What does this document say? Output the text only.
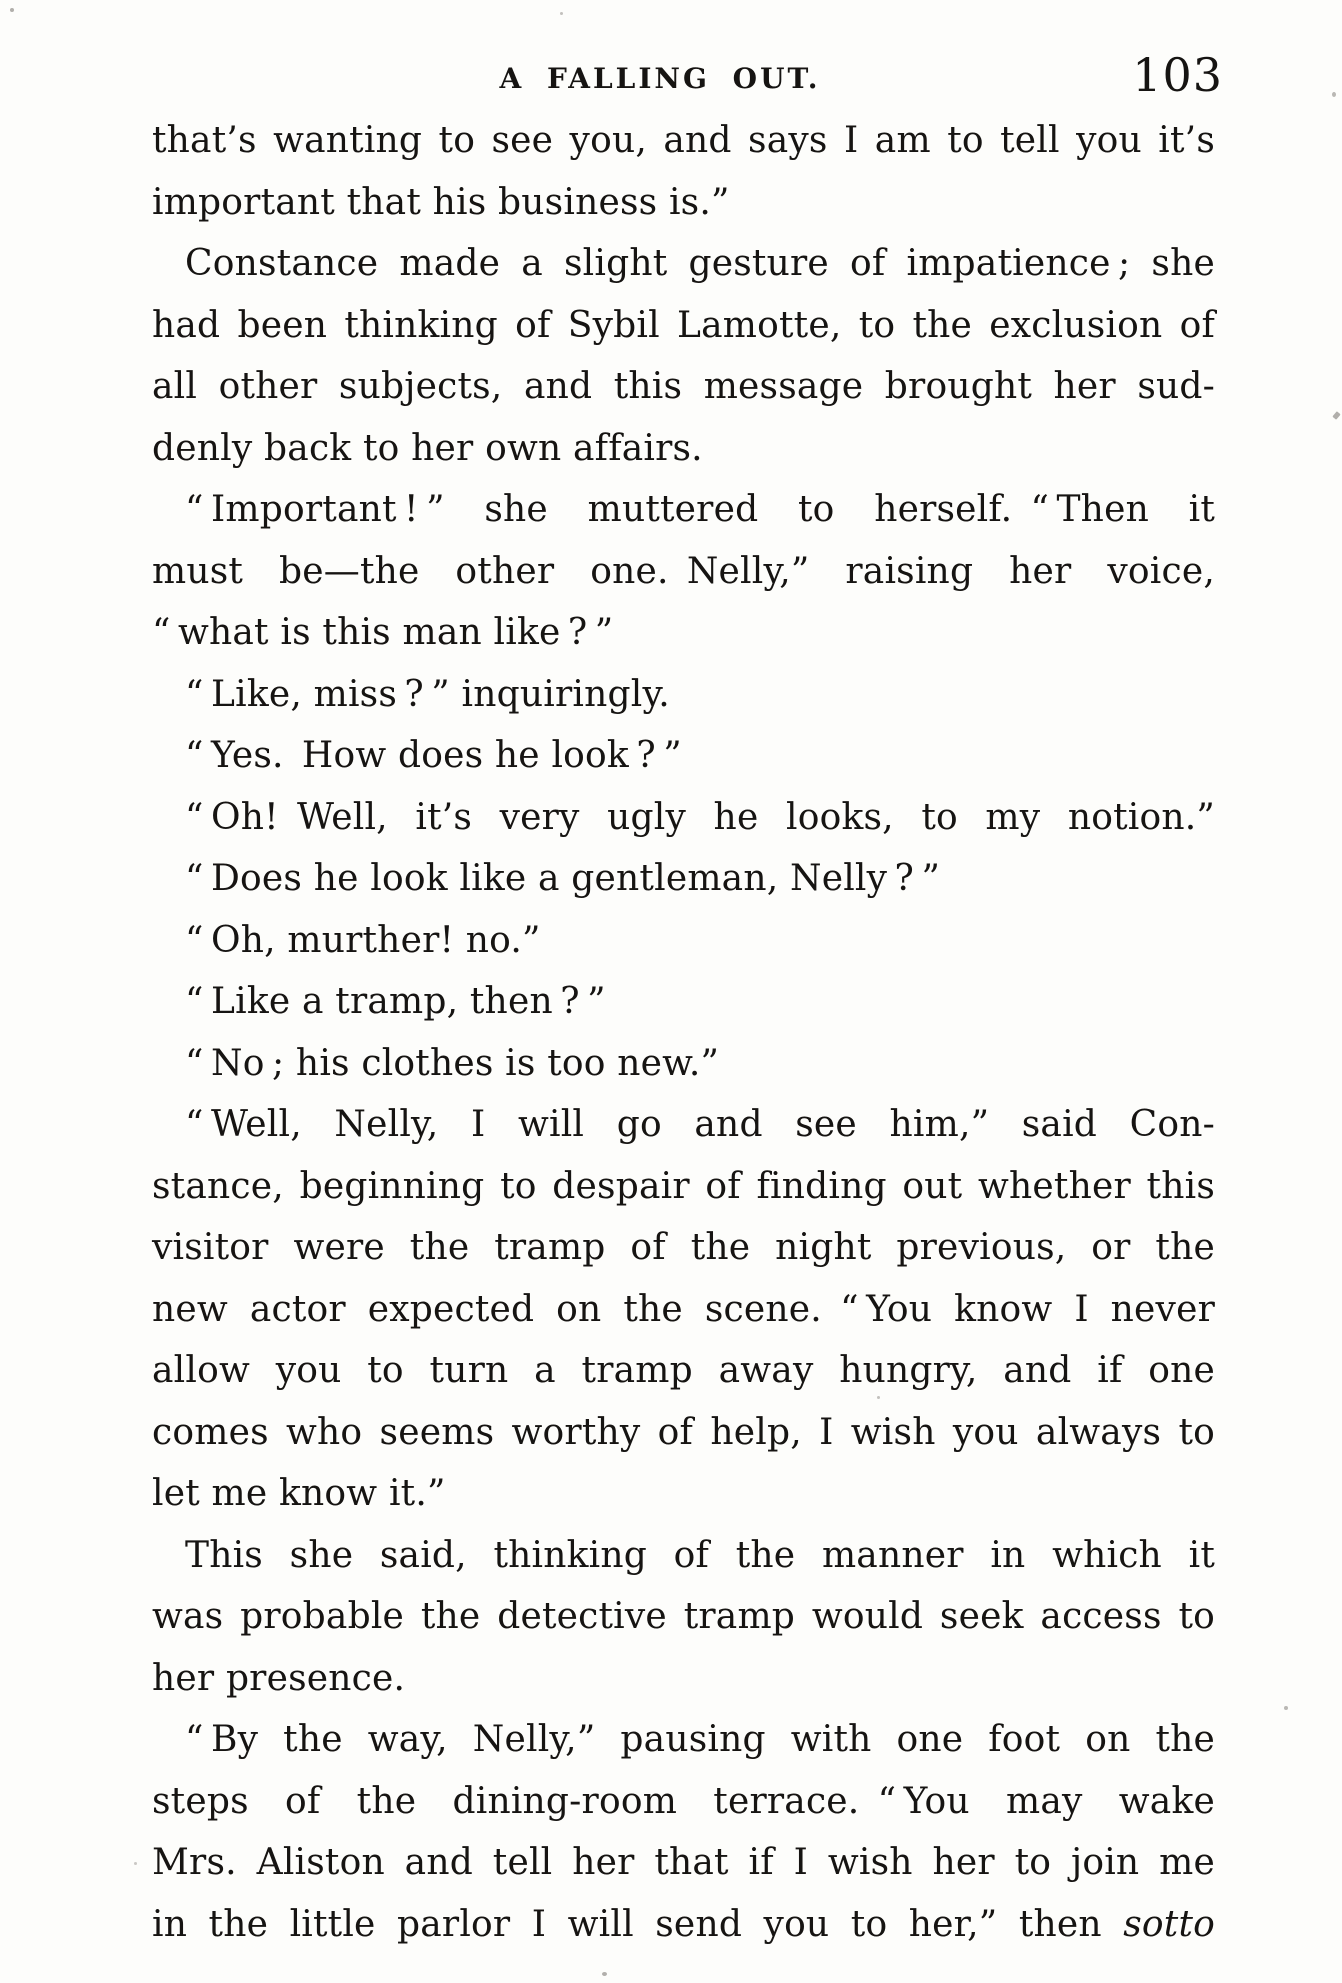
A FALLING OUT.	103
that’s wanting to see you, and says I am to tell you it’s
important that his business is.”
Constance made a slight gesture of impatience ; she
had been thinking of Sybil Lamotte, to the exclusion of
all other subjects, and this message brought her sud-
denly back to her own affairs.
“ Important ! ” she muttered to herself. “ Then it
must be—the other one. Nelly,” raising her voice,
“ what is this man like ? ”
“ Like, miss ? ” inquiringly.
“ Yes. How does he look ? ”
“ Oh! Well, it’s very ugly he looks, to my notion.”
“ Does he look like a gentleman, Nelly ? ”
“ Oh, murther! no.”
“ Like a tramp, then ? ”
“ No ; his clothes is too new.”
“ Well, Nelly, I will go and see him,” said Con-
stance, beginning to despair of finding out whether this
visitor were the tramp of the night previous, or the
new actor expected on the scene. “ You know I never
allow you to turn a tramp away hungry, and if one
comes who seems worthy of help, I wish you always to
let me know it.”
This she said, thinking of the manner in which it
was probable the detective tramp would seek access to
her presence.
“ By the way, Nelly,” pausing with one foot on the
steps of the dining-room terrace. “ You may wake
Mrs. Aliston and tell her that if I wish her to join me
in the little parlor I will send you to her,” then sotto
